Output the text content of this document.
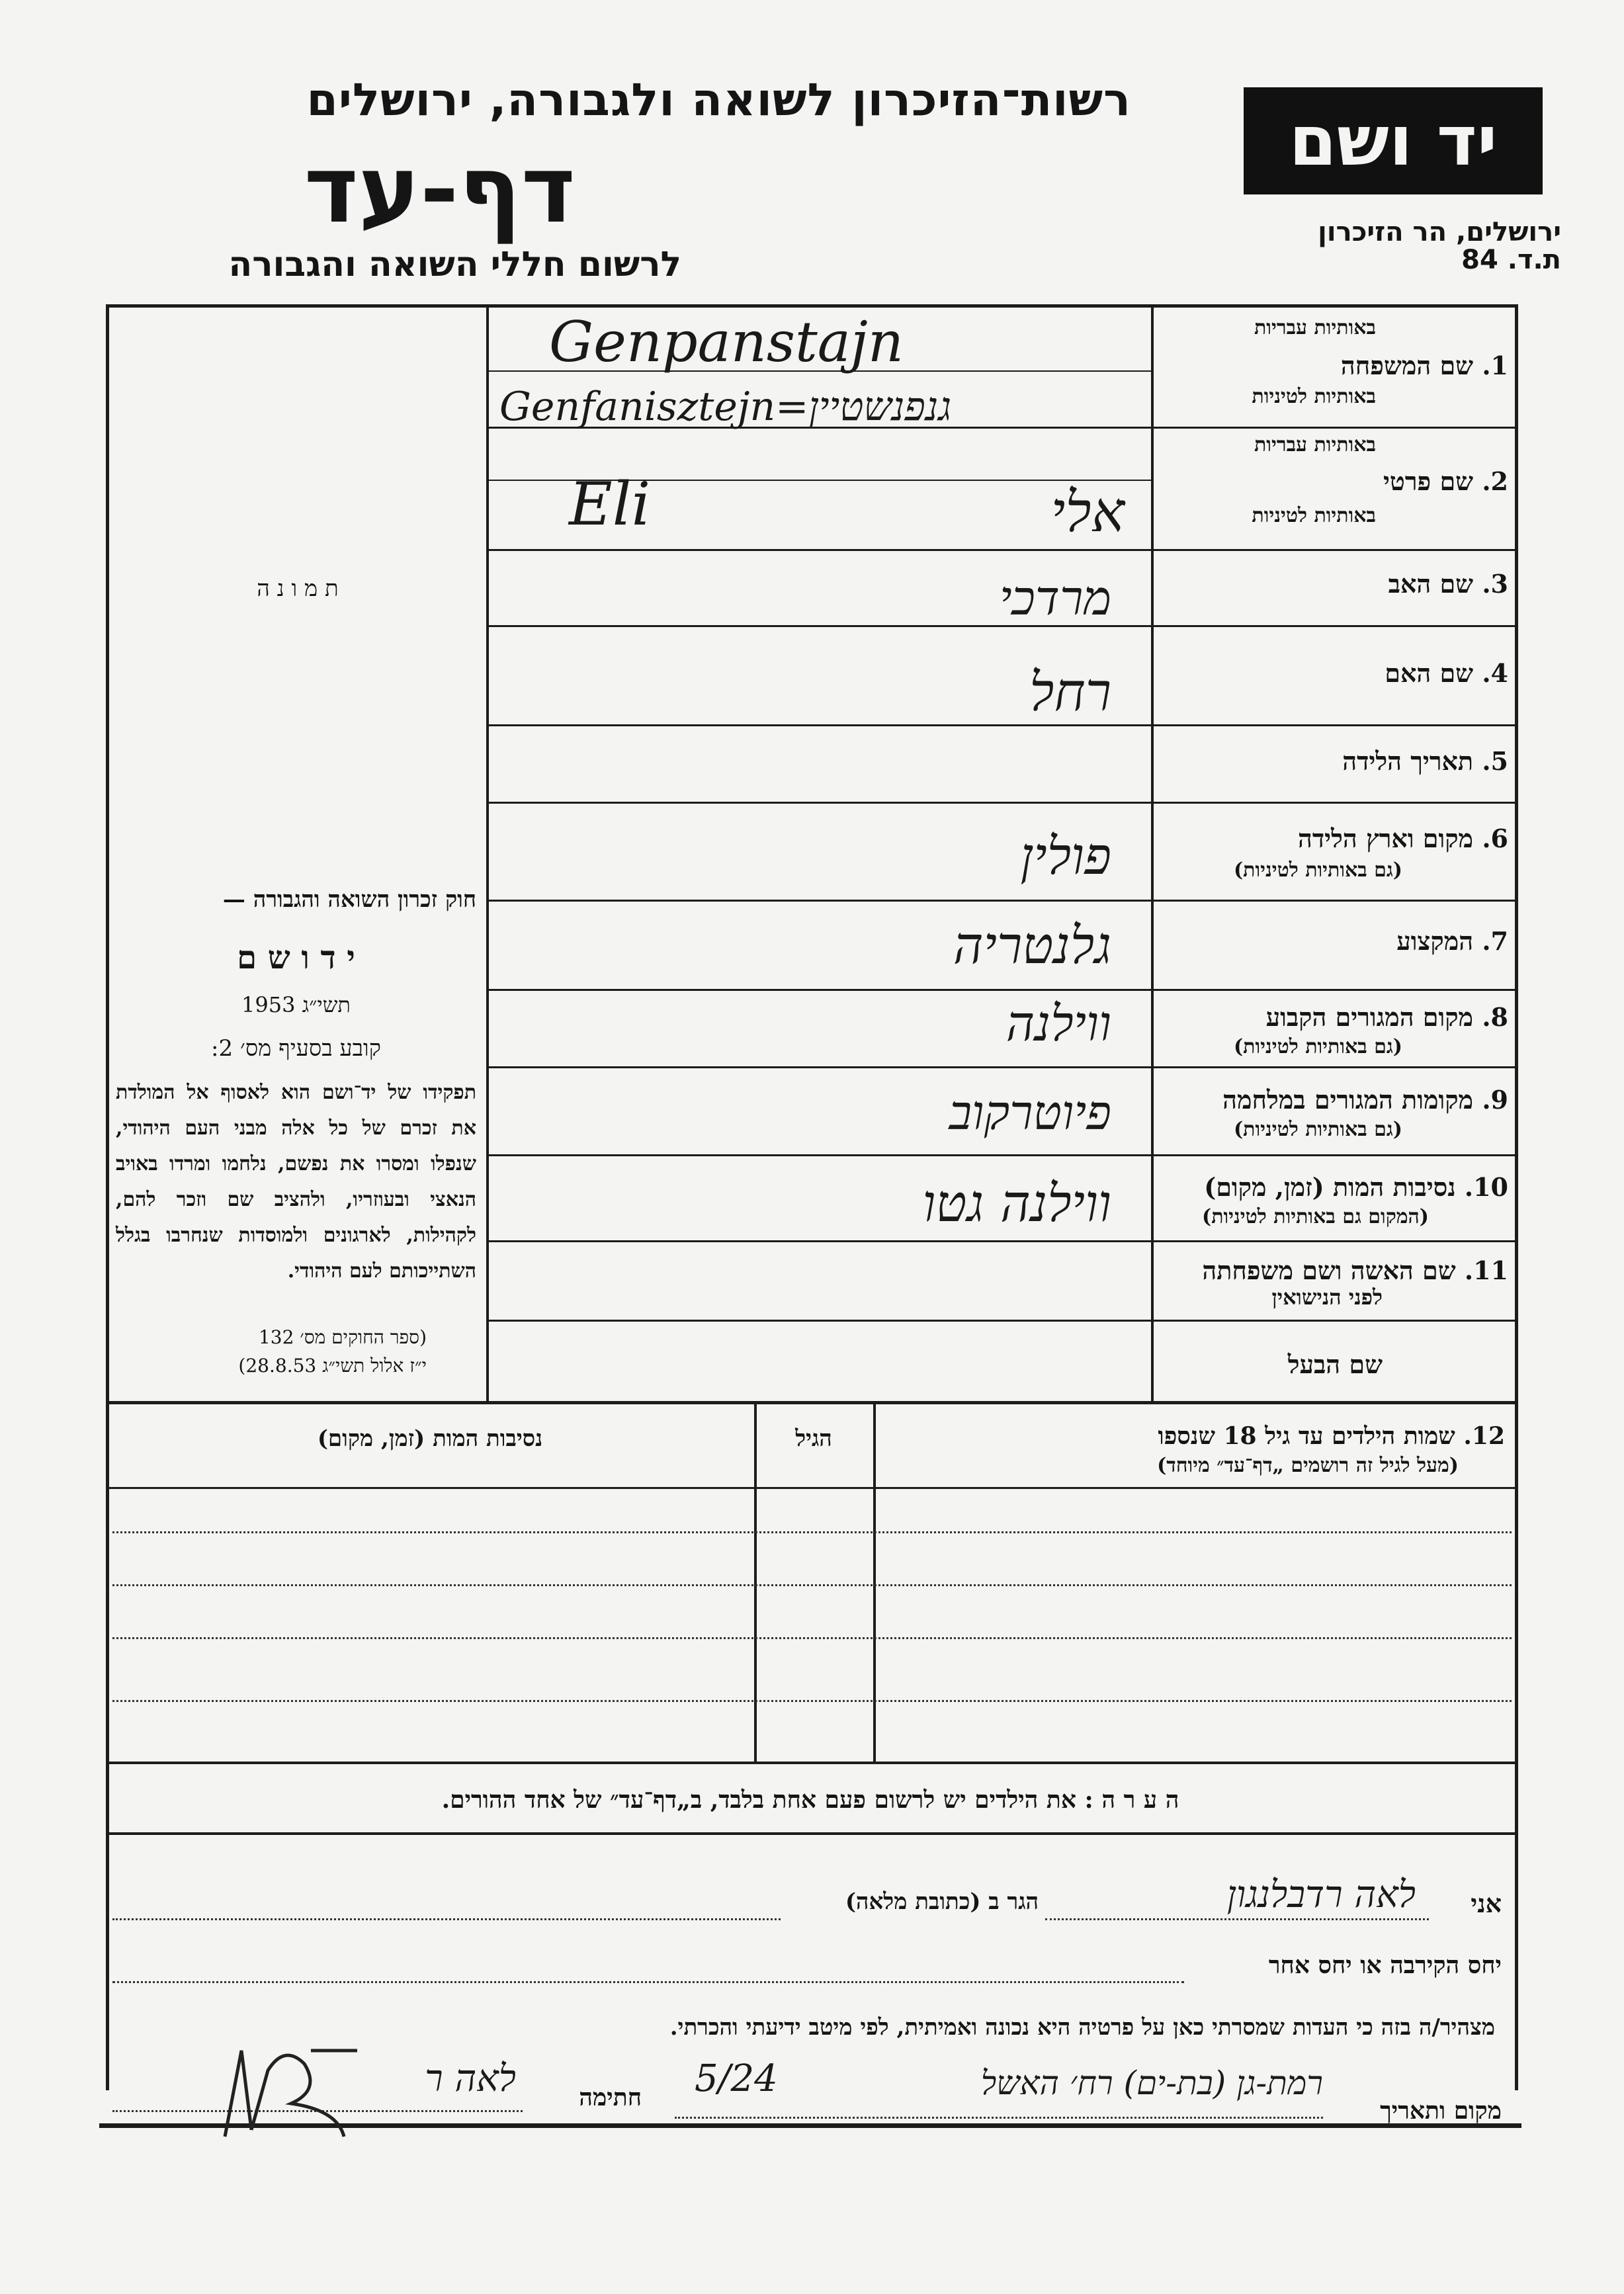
רשות־הזיכרון לשואה ולגבורה, ירושלים
דף-עד
לרשום חללי השואה והגבורה
יד ושם
ירושלים, הר הזיכרון
ת.ד. 84
באותיות עבריות
1. שם המשפחה
באותיות לטיניות
באותיות עבריות
2. שם פרטי
באותיות לטיניות
3. שם האב
4. שם האם
5. תאריך הלידה
6. מקום וארץ הלידה
(גם באותיות לטיניות)
7. המקצוע
8. מקום המגורים הקבוע
(גם באותיות לטיניות)
9. מקומות המגורים במלחמה
(גם באותיות לטיניות)
10. נסיבות המות (זמן, מקום)
(המקום גם באותיות לטיניות)
11. שם האשה ושם משפחתה
לפני הנישואין
שם הבעל
ת מ ו נ ה
Genpanstajn
Genfanisztejn=גנפנשטיין
Eli	אלי
מרדכי
רחל
פולין
גלנטריה
ווילנה
פיוטרקוב
ווילנה גטו
חוק זכרון השואה והגבורה —
י ד ו ש ם
תשי״ג 1953
קובע בסעיף מס׳ 2:
תפקידו של יד־ושם הוא לאסוף אל המולדת את זכרם של כל אלה מבני העם היהודי, שנפלו ומסרו את נפשם, נלחמו ומרדו באויב הנאצי ובעוזריו, ולהציב שם וזכר להם, לקהילות, לארגונים ולמוסדות שנחרבו בגלל השתייכותם לעם היהודי.
(ספר החוקים מס׳ 132
י״ז אלול תשי״ג 28.8.53)
12. שמות הילדים עד גיל 18 שנספו
(מעל לגיל זה רושמים „דף־עד״ מיוחד)
הגיל
נסיבות המות (זמן, מקום)
ה ע ר ה : את הילדים יש לרשום פעם אחת בלבד, ב„דף־עד״ של אחד ההורים.
אני
לאה רדבלנגון
הגר ב (כתובת מלאה)
יחס הקירבה או יחס אחר
מצהיר/ה בזה כי העדות שמסרתי כאן על פרטיה היא נכונה ואמיתית, לפי מיטב ידיעתי והכרתי.
מקום ותאריך
רמת-גן (בת-ים) רח׳ האשל
5/24
חתימה
לאה ר
